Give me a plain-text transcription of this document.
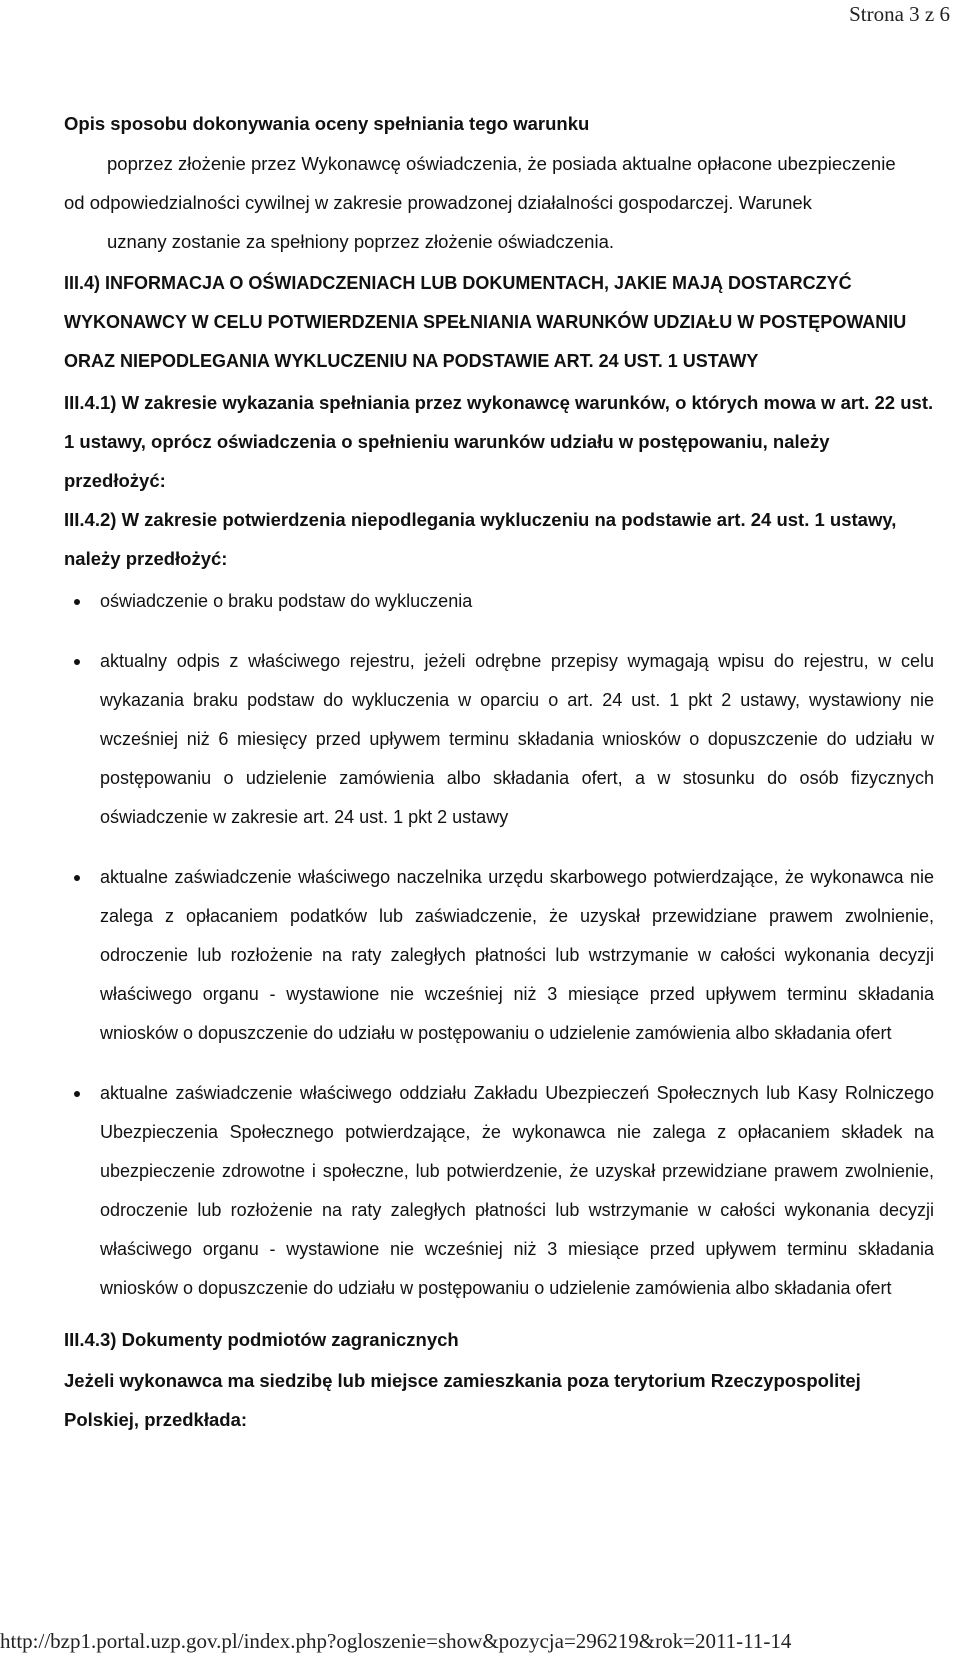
Strona 3 z 6

Opis sposobu dokonywania oceny spełniania tego warunku

poprzez złożenie przez Wykonawcę oświadczenia, że posiada aktualne opłacone ubezpieczenie
od odpowiedzialności cywilnej w zakresie prowadzonej działalności gospodarczej. Warunek
uznany zostanie za spełniony poprzez złożenie oświadczenia.

III.4) INFORMACJA O OŚWIADCZENIACH LUB DOKUMENTACH, JAKIE MAJĄ DOSTARCZYĆ WYKONAWCY W CELU POTWIERDZENIA SPEŁNIANIA WARUNKÓW UDZIAŁU W POSTĘPOWANIU ORAZ NIEPODLEGANIA WYKLUCZENIU NA PODSTAWIE ART. 24 UST. 1 USTAWY

III.4.1) W zakresie wykazania spełniania przez wykonawcę warunków, o których mowa w art. 22 ust. 1 ustawy, oprócz oświadczenia o spełnieniu warunków udziału w postępowaniu, należy przedłożyć:

III.4.2) W zakresie potwierdzenia niepodlegania wykluczeniu na podstawie art. 24 ust. 1 ustawy, należy przedłożyć:

oświadczenie o braku podstaw do wykluczenia
aktualny odpis z właściwego rejestru, jeżeli odrębne przepisy wymagają wpisu do rejestru, w celu wykazania braku podstaw do wykluczenia w oparciu o art. 24 ust. 1 pkt 2 ustawy, wystawiony nie wcześniej niż 6 miesięcy przed upływem terminu składania wniosków o dopuszczenie do udziału w postępowaniu o udzielenie zamówienia albo składania ofert, a w stosunku do osób fizycznych oświadczenie w zakresie art. 24 ust. 1 pkt 2 ustawy
aktualne zaświadczenie właściwego naczelnika urzędu skarbowego potwierdzające, że wykonawca nie zalega z opłacaniem podatków lub zaświadczenie, że uzyskał przewidziane prawem zwolnienie, odroczenie lub rozłożenie na raty zaległych płatności lub wstrzymanie w całości wykonania decyzji właściwego organu - wystawione nie wcześniej niż 3 miesiące przed upływem terminu składania wniosków o dopuszczenie do udziału w postępowaniu o udzielenie zamówienia albo składania ofert
aktualne zaświadczenie właściwego oddziału Zakładu Ubezpieczeń Społecznych lub Kasy Rolniczego Ubezpieczenia Społecznego potwierdzające, że wykonawca nie zalega z opłacaniem składek na ubezpieczenie zdrowotne i społeczne, lub potwierdzenie, że uzyskał przewidziane prawem zwolnienie, odroczenie lub rozłożenie na raty zaległych płatności lub wstrzymanie w całości wykonania decyzji właściwego organu - wystawione nie wcześniej niż 3 miesiące przed upływem terminu składania wniosków o dopuszczenie do udziału w postępowaniu o udzielenie zamówienia albo składania ofert

III.4.3) Dokumenty podmiotów zagranicznych

Jeżeli wykonawca ma siedzibę lub miejsce zamieszkania poza terytorium Rzeczypospolitej Polskiej, przedkłada:

http://bzp1.portal.uzp.gov.pl/index.php?ogloszenie=show&pozycja=296219&rok=2011-11-14
